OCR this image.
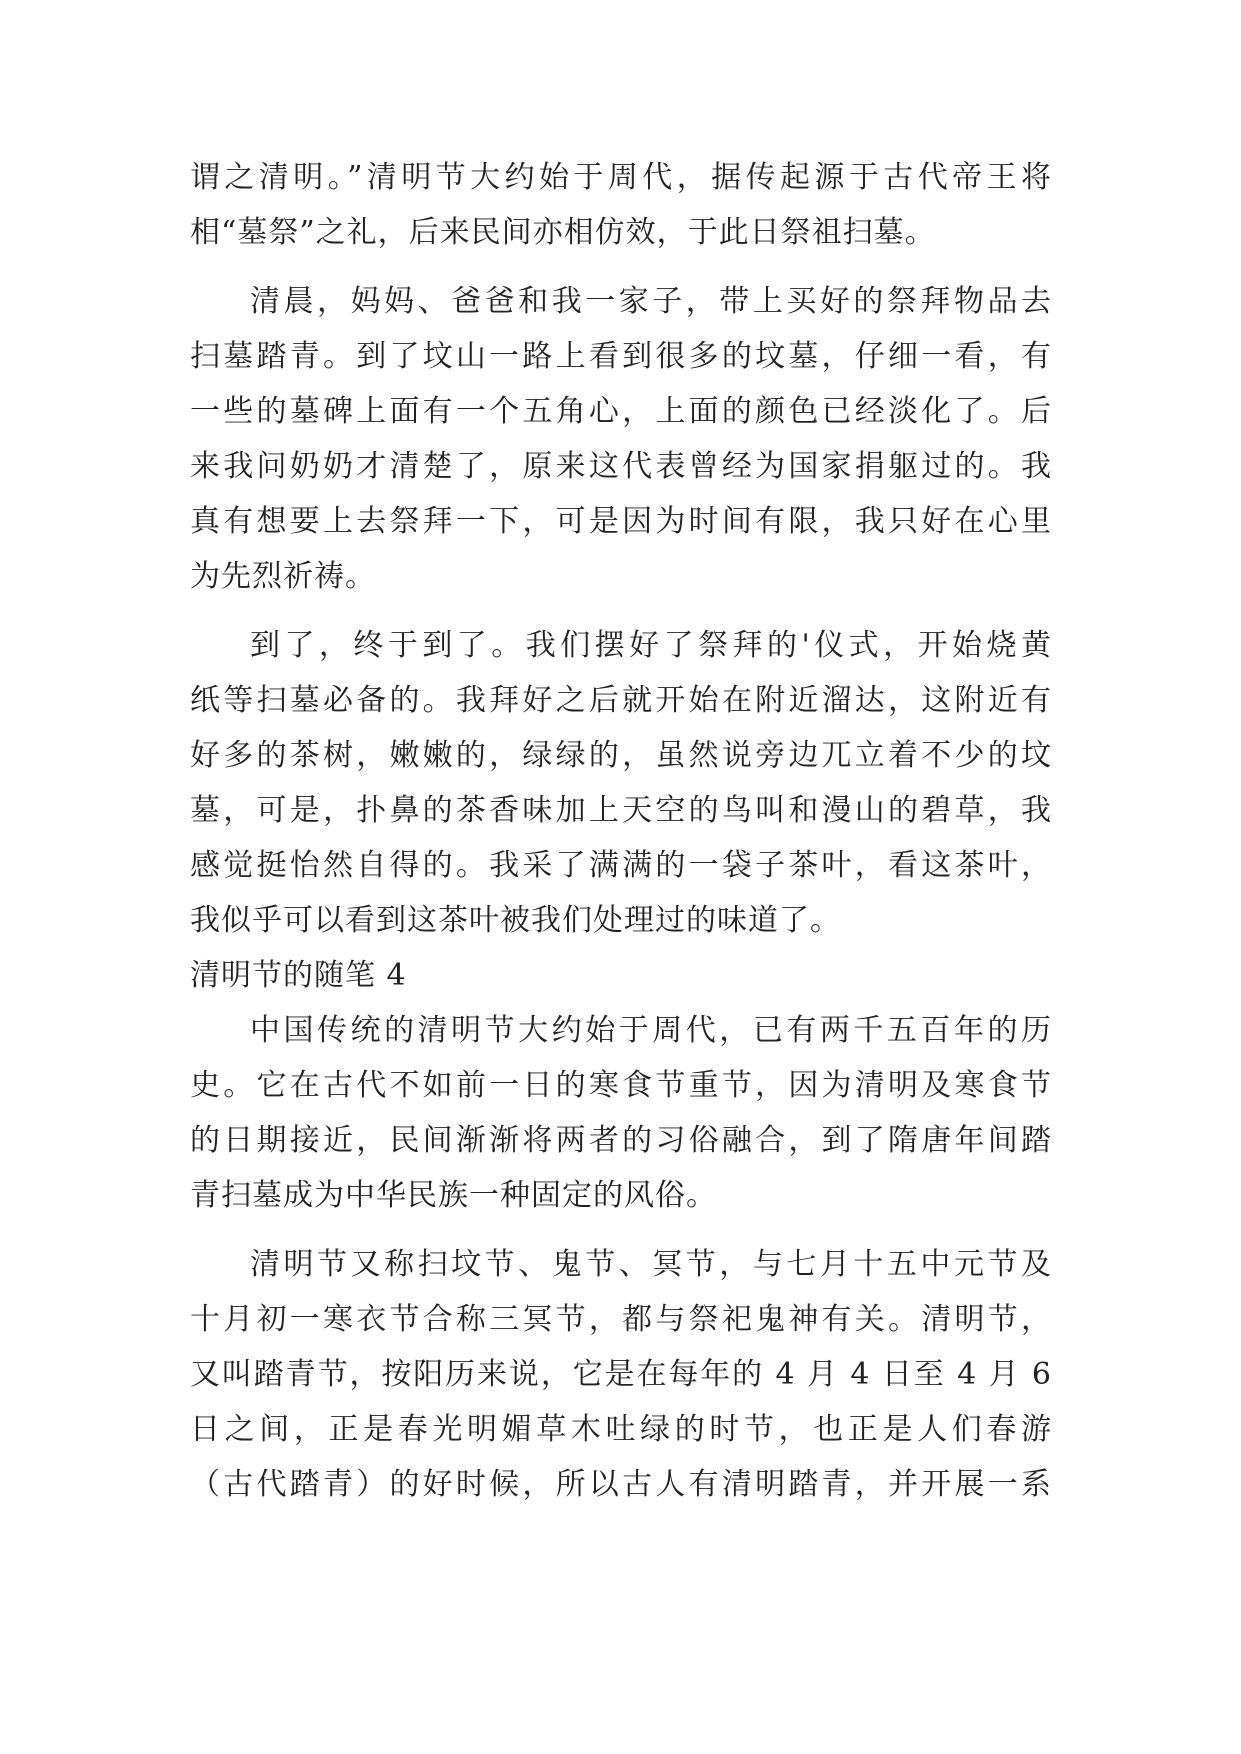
谓之清明。”清明节大约始于周代，据传起源于古代帝王将
相“墓祭”之礼，后来民间亦相仿效，于此日祭祖扫墓。
清晨，妈妈、爸爸和我一家子，带上买好的祭拜物品去
扫墓踏青。到了坟山一路上看到很多的坟墓，仔细一看，有
一些的墓碑上面有一个五角心，上面的颜色已经淡化了。后
来我问奶奶才清楚了，原来这代表曾经为国家捐躯过的。我
真有想要上去祭拜一下，可是因为时间有限，我只好在心里
为先烈祈祷。
到了，终于到了。我们摆好了祭拜的'仪式，开始烧黄
纸等扫墓必备的。我拜好之后就开始在附近溜达，这附近有
好多的茶树，嫩嫩的，绿绿的，虽然说旁边兀立着不少的坟
墓，可是，扑鼻的茶香味加上天空的鸟叫和漫山的碧草，我
感觉挺怡然自得的。我采了满满的一袋子茶叶，看这茶叶，
我似乎可以看到这茶叶被我们处理过的味道了。
清明节的随笔 4
中国传统的清明节大约始于周代，已有两千五百年的历
史。它在古代不如前一日的寒食节重节，因为清明及寒食节
的日期接近，民间渐渐将两者的习俗融合，到了隋唐年间踏
青扫墓成为中华民族一种固定的风俗。
清明节又称扫坟节、鬼节、冥节，与七月十五中元节及
十月初一寒衣节合称三冥节，都与祭祀鬼神有关。清明节，
又叫踏青节，按阳历来说，它是在每年的 4 月 4 日至 4 月 6
日之间，正是春光明媚草木吐绿的时节，也正是人们春游
（古代踏青）的好时候，所以古人有清明踏青，并开展一系
